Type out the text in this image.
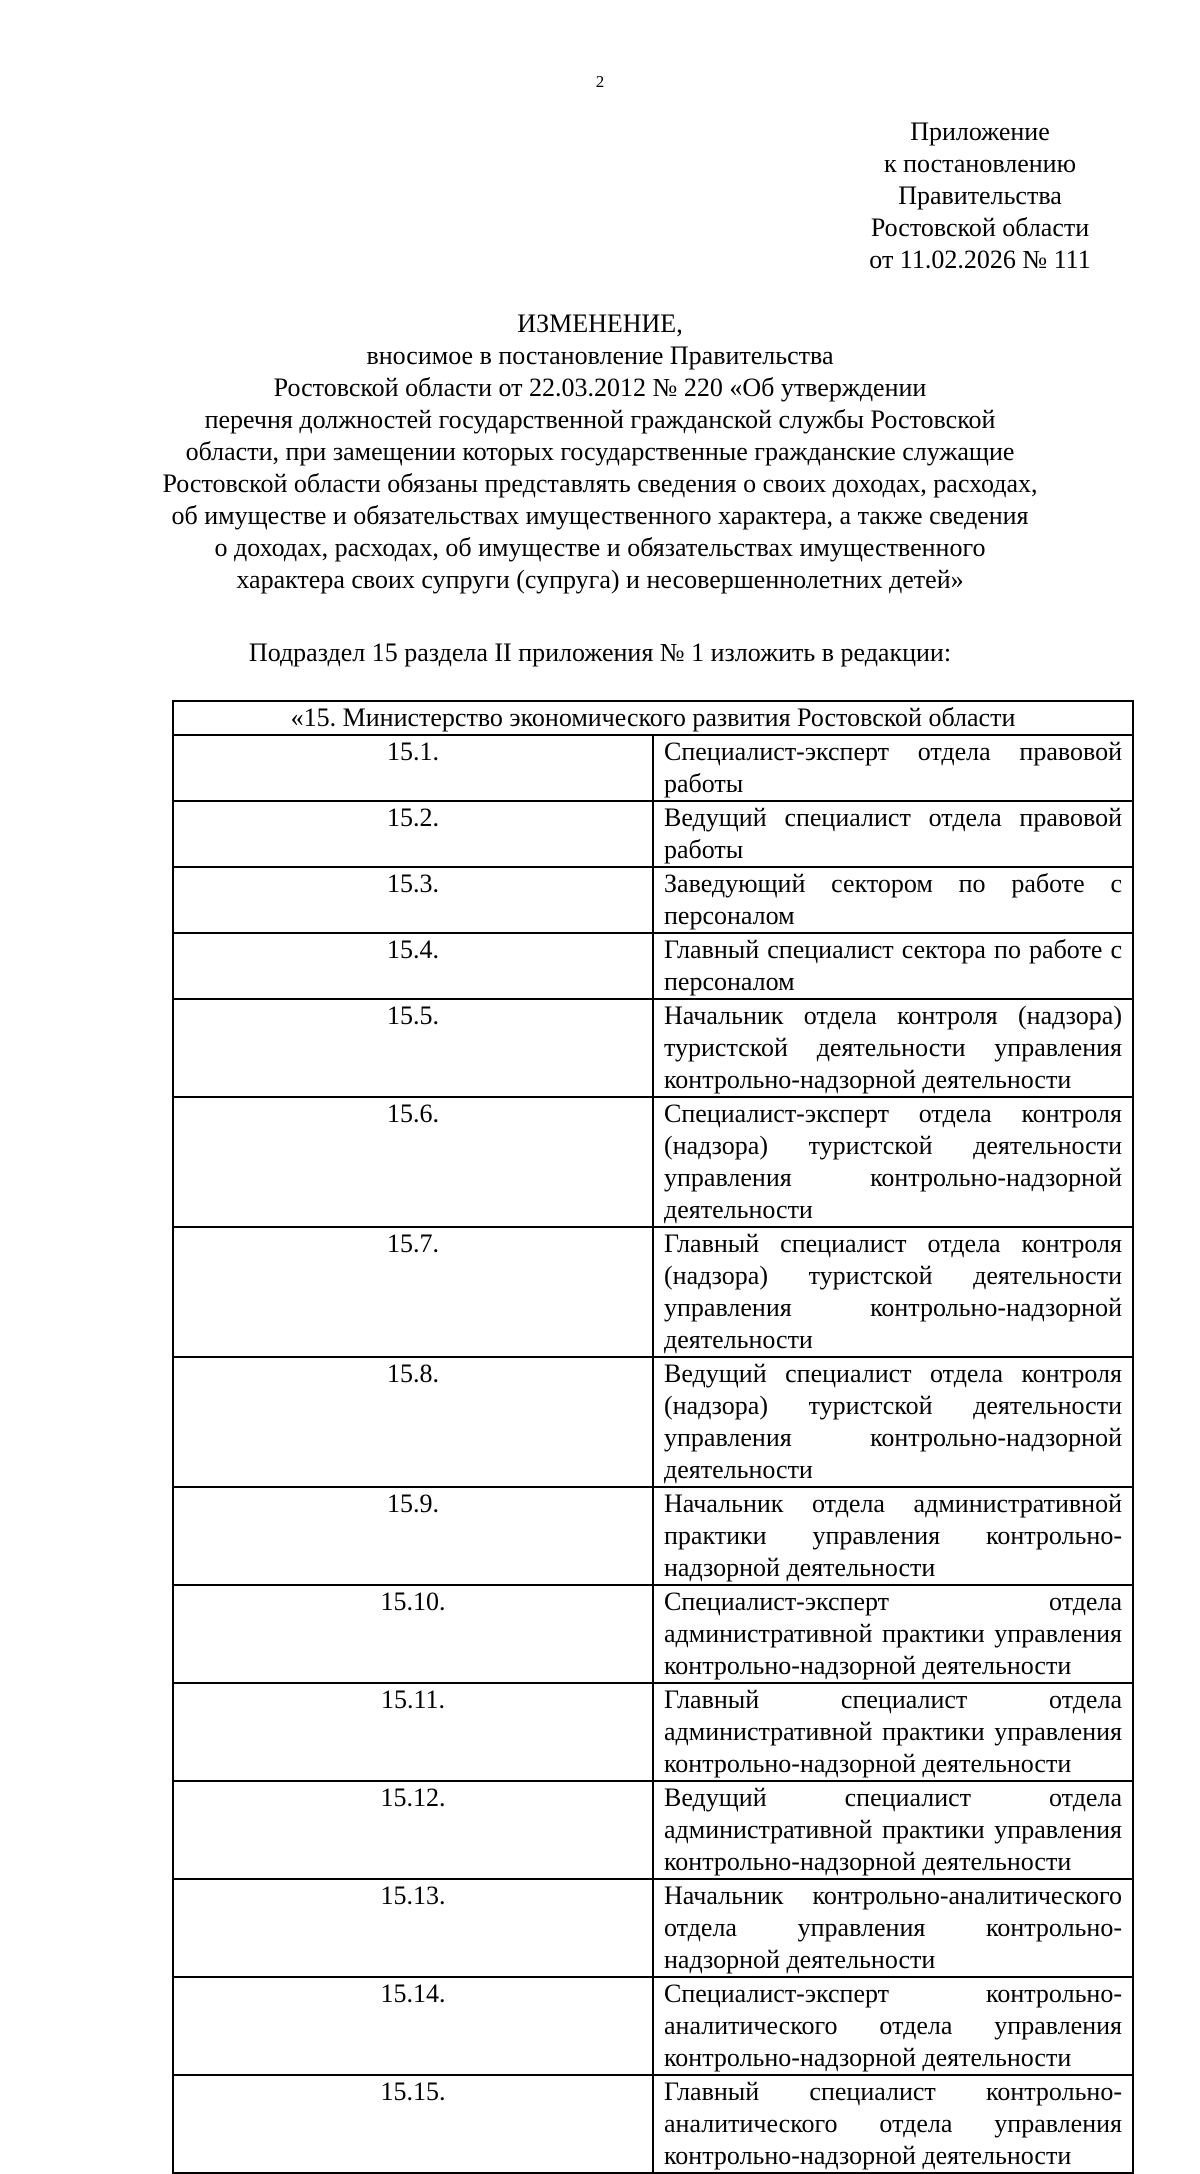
2
Приложение
к постановлению
Правительства
Ростовской области
от 11.02.2026 № 111
ИЗМЕНЕНИЕ,
вносимое в постановление Правительства
Ростовской области от 22.03.2012 № 220 «Об утверждении
перечня должностей государственной гражданской службы Ростовской
области, при замещении которых государственные гражданские служащие
Ростовской области обязаны представлять сведения о своих доходах, расходах,
об имуществе и обязательствах имущественного характера, а также сведения
о доходах, расходах, об имуществе и обязательствах имущественного
характера своих супруги (супруга) и несовершеннолетних детей»
Подраздел 15 раздела II приложения № 1 изложить в редакции:
«15. Министерство экономического развития Ростовской области	
15.1.	Специалист-эксперт отдела правовой работы
15.2.	Ведущий специалист отдела правовой работы
15.3.	Заведующий сектором по работе с персоналом
15.4.	Главный специалист сектора по работе с персоналом
15.5.	Начальник отдела контроля (надзора) туристской деятельности управления контрольно-надзорной деятельности
15.6.	Специалист-эксперт отдела контроля (надзора) туристской деятельности управления контрольно-надзорной деятельности
15.7.	Главный специалист отдела контроля (надзора) туристской деятельности управления контрольно-надзорной деятельности
15.8.	Ведущий специалист отдела контроля (надзора) туристской деятельности управления контрольно-надзорной деятельности
15.9.	Начальник отдела административной практики управления контрольно-надзорной деятельности
15.10.	Специалист-эксперт отдела административной практики управления контрольно-надзорной деятельности
15.11.	Главный специалист отдела административной практики управления контрольно-надзорной деятельности
15.12.	Ведущий специалист отдела административной практики управления контрольно-надзорной деятельности
15.13.	Начальник контрольно-аналитического отдела управления контрольно-надзорной деятельности
15.14.	Специалист-эксперт контрольно-аналитического отдела управления контрольно-надзорной деятельности
15.15.	Главный специалист контрольно-аналитического отдела управления контрольно-надзорной деятельности
